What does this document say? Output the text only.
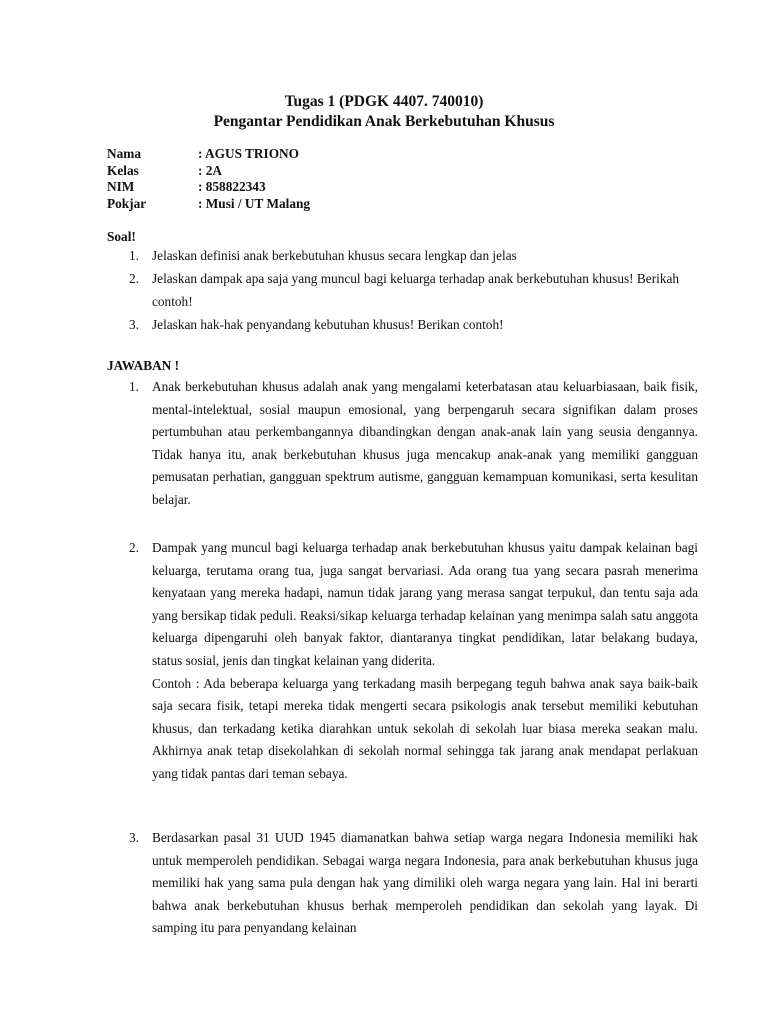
Tugas 1 (PDGK 4407. 740010)
Pengantar Pendidikan Anak Berkebutuhan Khusus
Nama	: AGUS TRIONO
Kelas	: 2A
NIM	: 858822343
Pokjar	: Musi / UT Malang
Soal!
1. Jelaskan definisi anak berkebutuhan khusus secara lengkap dan jelas
2. Jelaskan dampak apa saja yang muncul bagi keluarga terhadap anak berkebutuhan khusus! Berikah contoh!
3. Jelaskan hak-hak penyandang kebutuhan khusus! Berikan contoh!
JAWABAN !
1. Anak berkebutuhan khusus adalah anak yang mengalami keterbatasan atau keluarbiasaan, baik fisik, mental-intelektual, sosial maupun emosional, yang berpengaruh secara signifikan dalam proses pertumbuhan atau perkembangannya dibandingkan dengan anak-anak lain yang seusia dengannya. Tidak hanya itu, anak berkebutuhan khusus juga mencakup anak-anak yang memiliki gangguan pemusatan perhatian, gangguan spektrum autisme, gangguan kemampuan komunikasi, serta kesulitan belajar.
2. Dampak yang muncul bagi keluarga terhadap anak berkebutuhan khusus yaitu dampak kelainan bagi keluarga, terutama orang tua, juga sangat bervariasi. Ada orang tua yang secara pasrah menerima kenyataan yang mereka hadapi, namun tidak jarang yang merasa sangat terpukul, dan tentu saja ada yang bersikap tidak peduli. Reaksi/sikap keluarga terhadap kelainan yang menimpa salah satu anggota keluarga dipengaruhi oleh banyak faktor, diantaranya tingkat pendidikan, latar belakang budaya, status sosial, jenis dan tingkat kelainan yang diderita.
Contoh : Ada beberapa keluarga yang terkadang masih berpegang teguh bahwa anak saya baik-baik saja secara fisik, tetapi mereka tidak mengerti secara psikologis anak tersebut memiliki kebutuhan khusus, dan terkadang ketika diarahkan untuk sekolah di sekolah luar biasa mereka seakan malu. Akhirnya anak tetap disekolahkan di sekolah normal sehingga tak jarang anak mendapat perlakuan yang tidak pantas dari teman sebaya.
3. Berdasarkan pasal 31 UUD 1945 diamanatkan bahwa setiap warga negara Indonesia memiliki hak untuk memperoleh pendidikan. Sebagai warga negara Indonesia, para anak berkebutuhan khusus juga memiliki hak yang sama pula dengan hak yang dimiliki oleh warga negara yang lain. Hal ini berarti bahwa anak berkebutuhan khusus berhak memperoleh pendidikan dan sekolah yang layak. Di samping itu para penyandang kelainan
